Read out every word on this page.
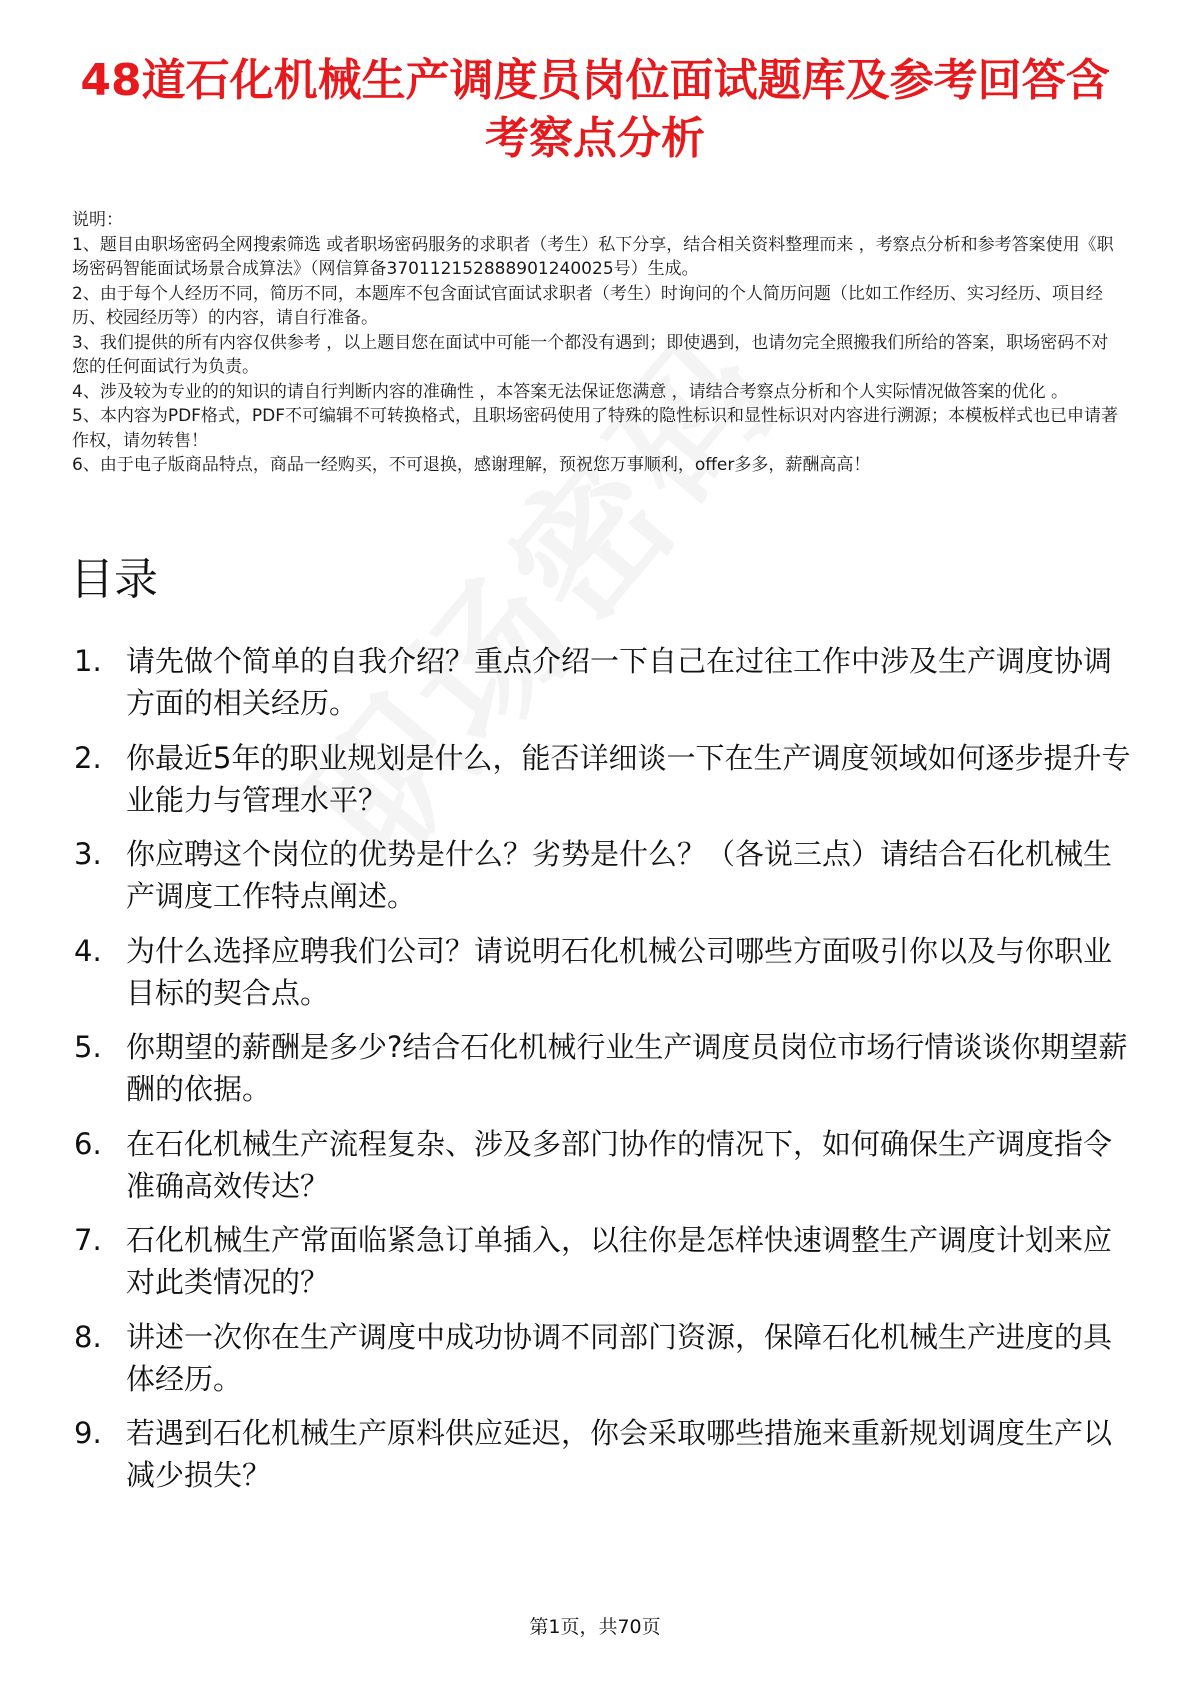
48道石化机械生产调度员岗位面试题库及参考回答含考察点分析

说明：

1、题目由职场密码全网搜索筛选 或者职场密码服务的求职者（考生）私下分享，结合相关资料整理而来 ，考察点分析和参考答案使用《职场密码智能面试场景合成算法》（网信算备370112152888901240025号）生成。

2、由于每个人经历不同，简历不同，本题库不包含面试官面试求职者（考生）时询问的个人简历问题（比如工作经历、实习经历、项目经历、校园经历等）的内容，请自行准备。

3、我们提供的所有内容仅供参考 ，以上题目您在面试中可能一个都没有遇到；即使遇到，也请勿完全照搬我们所给的答案，职场密码不对您的任何面试行为负责。

4、涉及较为专业的的知识的请自行判断内容的准确性 ，本答案无法保证您满意 ，请结合考察点分析和个人实际情况做答案的优化 。

5、本内容为PDF格式，PDF不可编辑不可转换格式，且职场密码使用了特殊的隐性标识和显性标识对内容进行溯源；本模板样式也已申请著作权，请勿转售！

6、由于电子版商品特点，商品一经购买，不可退换，感谢理解，预祝您万事顺利，offer多多，薪酬高高！

目录
1. 请先做个简单的自我介绍？重点介绍一下自己在过往工作中涉及生产调度协调方面的相关经历。
2. 你最近5年的职业规划是什么，能否详细谈一下在生产调度领域如何逐步提升专业能力与管理水平？
3. 你应聘这个岗位的优势是什么？劣势是什么？（各说三点）请结合石化机械生产调度工作特点阐述。
4. 为什么选择应聘我们公司？请说明石化机械公司哪些方面吸引你以及与你职业目标的契合点。
5. 你期望的薪酬是多少?结合石化机械行业生产调度员岗位市场行情谈谈你期望薪酬的依据。
6. 在石化机械生产流程复杂、涉及多部门协作的情况下，如何确保生产调度指令准确高效传达？
7. 石化机械生产常面临紧急订单插入，以往你是怎样快速调整生产调度计划来应对此类情况的？
8. 讲述一次你在生产调度中成功协调不同部门资源，保障石化机械生产进度的具体经历。
9. 若遇到石化机械生产原料供应延迟，你会采取哪些措施来重新规划调度生产以减少损失？
第1页，共70页
